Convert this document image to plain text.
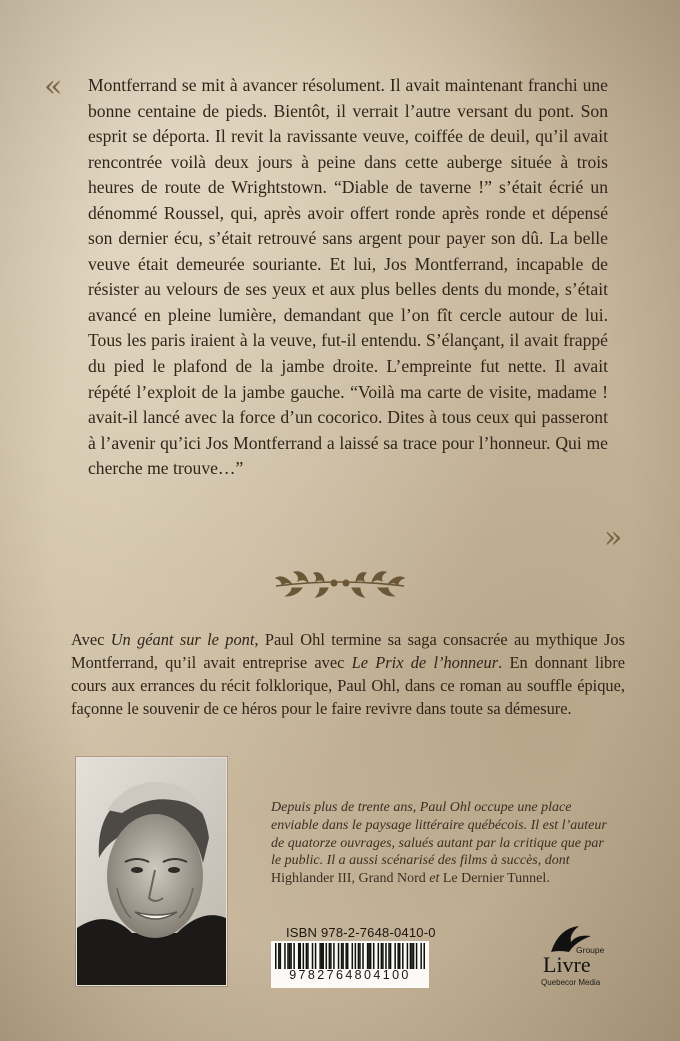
«
»
Montferrand se mit à avancer résolument. Il avait maintenant franchi une bonne centaine de pieds. Bientôt, il verrait l’autre versant du pont. Son esprit se déporta. Il revit la ravissante veuve, coiffée de deuil, qu’il avait rencontrée voilà deux jours à peine dans cette auberge située à trois heures de route de Wrightstown. “Diable de taverne !” s’était écrié un dénommé Roussel, qui, après avoir offert ronde après ronde et dépensé son dernier écu, s’était retrouvé sans argent pour payer son dû. La belle veuve était demeurée souriante. Et lui, Jos Montferrand, incapable de résister au velours de ses yeux et aux plus belles dents du monde, s’était avancé en pleine lumière, demandant que l’on fît cercle autour de lui. Tous les paris iraient à la veuve, fut-il entendu. S’élançant, il avait frappé du pied le plafond de la jambe droite. L’empreinte fut nette. Il avait répété l’exploit de la jambe gauche. “Voilà ma carte de visite, madame ! avait-il lancé avec la force d’un cocorico. Dites à tous ceux qui passeront à l’avenir qu’ici Jos Montferrand a laissé sa trace pour l’honneur. Qui me cherche me trouve…”
Avec Un géant sur le pont, Paul Ohl termine sa saga consacrée au mythique Jos Montferrand, qu’il avait entreprise avec Le Prix de l’honneur. En donnant libre cours aux errances du récit folklorique, Paul Ohl, dans ce roman au souffle épique, façonne le souvenir de ce héros pour le faire revivre dans toute sa démesure.
Depuis plus de trente ans, Paul Ohl occupe une place enviable dans le paysage littéraire québécois. Il est l’auteur de quatorze ouvrages, salués autant par la critique que par le public. Il a aussi scénarisé des films à succès, dont Highlander III, Grand Nord et Le Dernier Tunnel.
ISBN 978-2-7648-0410-0
9782764804100
Groupe
Livre
Quebecor Media
